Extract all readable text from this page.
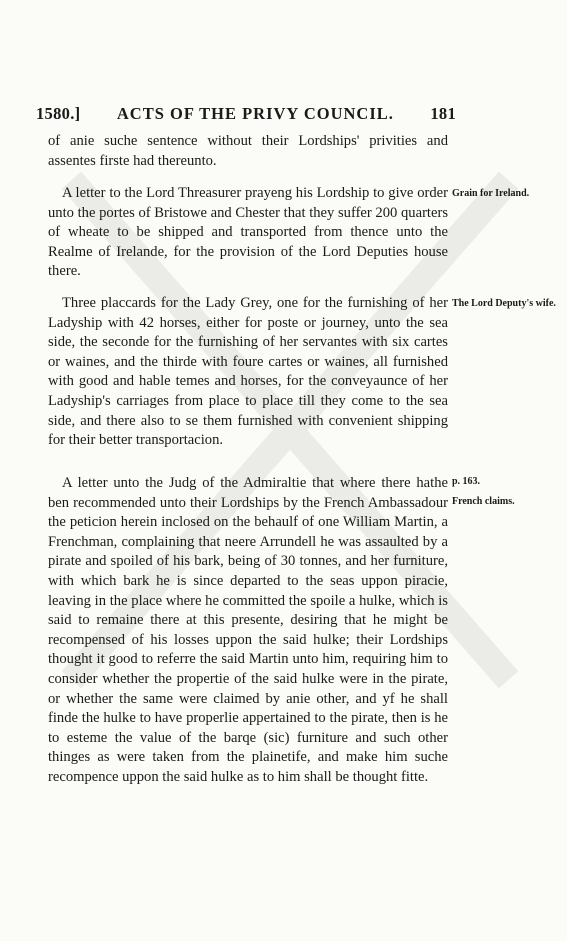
1580.] ACTS OF THE PRIVY COUNCIL. 181

of anie suche sentence without their Lordships' privities and assentes firste had thereunto.

A letter to the Lord Threasurer prayeng his Lordship to give order unto the portes of Bristowe and Chester that they suffer 200 quarters of wheate to be shipped and transported from thence unto the Realme of Irelande, for the provision of the Lord Deputies house there.

Grain for Ireland.

Three placcards for the Lady Grey, one for the furnishing of her Ladyship with 42 horses, either for poste or journey, unto the sea side, the seconde for the furnishing of her servantes with six cartes or waines, and the thirde with foure cartes or waines, all furnished with good and hable temes and horses, for the conveyaunce of her Ladyship's carriages from place to place till they come to the sea side, and there also to se them furnished with convenient shipping for their better transportacion.

The Lord Deputy's wife.

A letter unto the Judg of the Admiraltie that where there hathe ben recommended unto their Lordships by the French Ambassadour the peticion herein inclosed on the behaulf of one William Martin, a Frenchman, complaining that neere Arrundell he was assaulted by a pirate and spoiled of his bark, being of 30 tonnes, and her furniture, with which bark he is since departed to the seas uppon piracie, leaving in the place where he committed the spoile a hulke, which is said to remaine there at this presente, desiring that he might be recompensed of his losses uppon the said hulke; their Lordships thought it good to referre the said Martin unto him, requiring him to consider whether the propertie of the said hulke were in the pirate, or whether the same were claimed by anie other, and yf he shall finde the hulke to have properlie appertained to the pirate, then is he to esteme the value of the barqe (sic) furniture and such other thinges as were taken from the plainetife, and make him suche recompence uppon the said hulke as to him shall be thought fitte.

p. 163.
French claims.
